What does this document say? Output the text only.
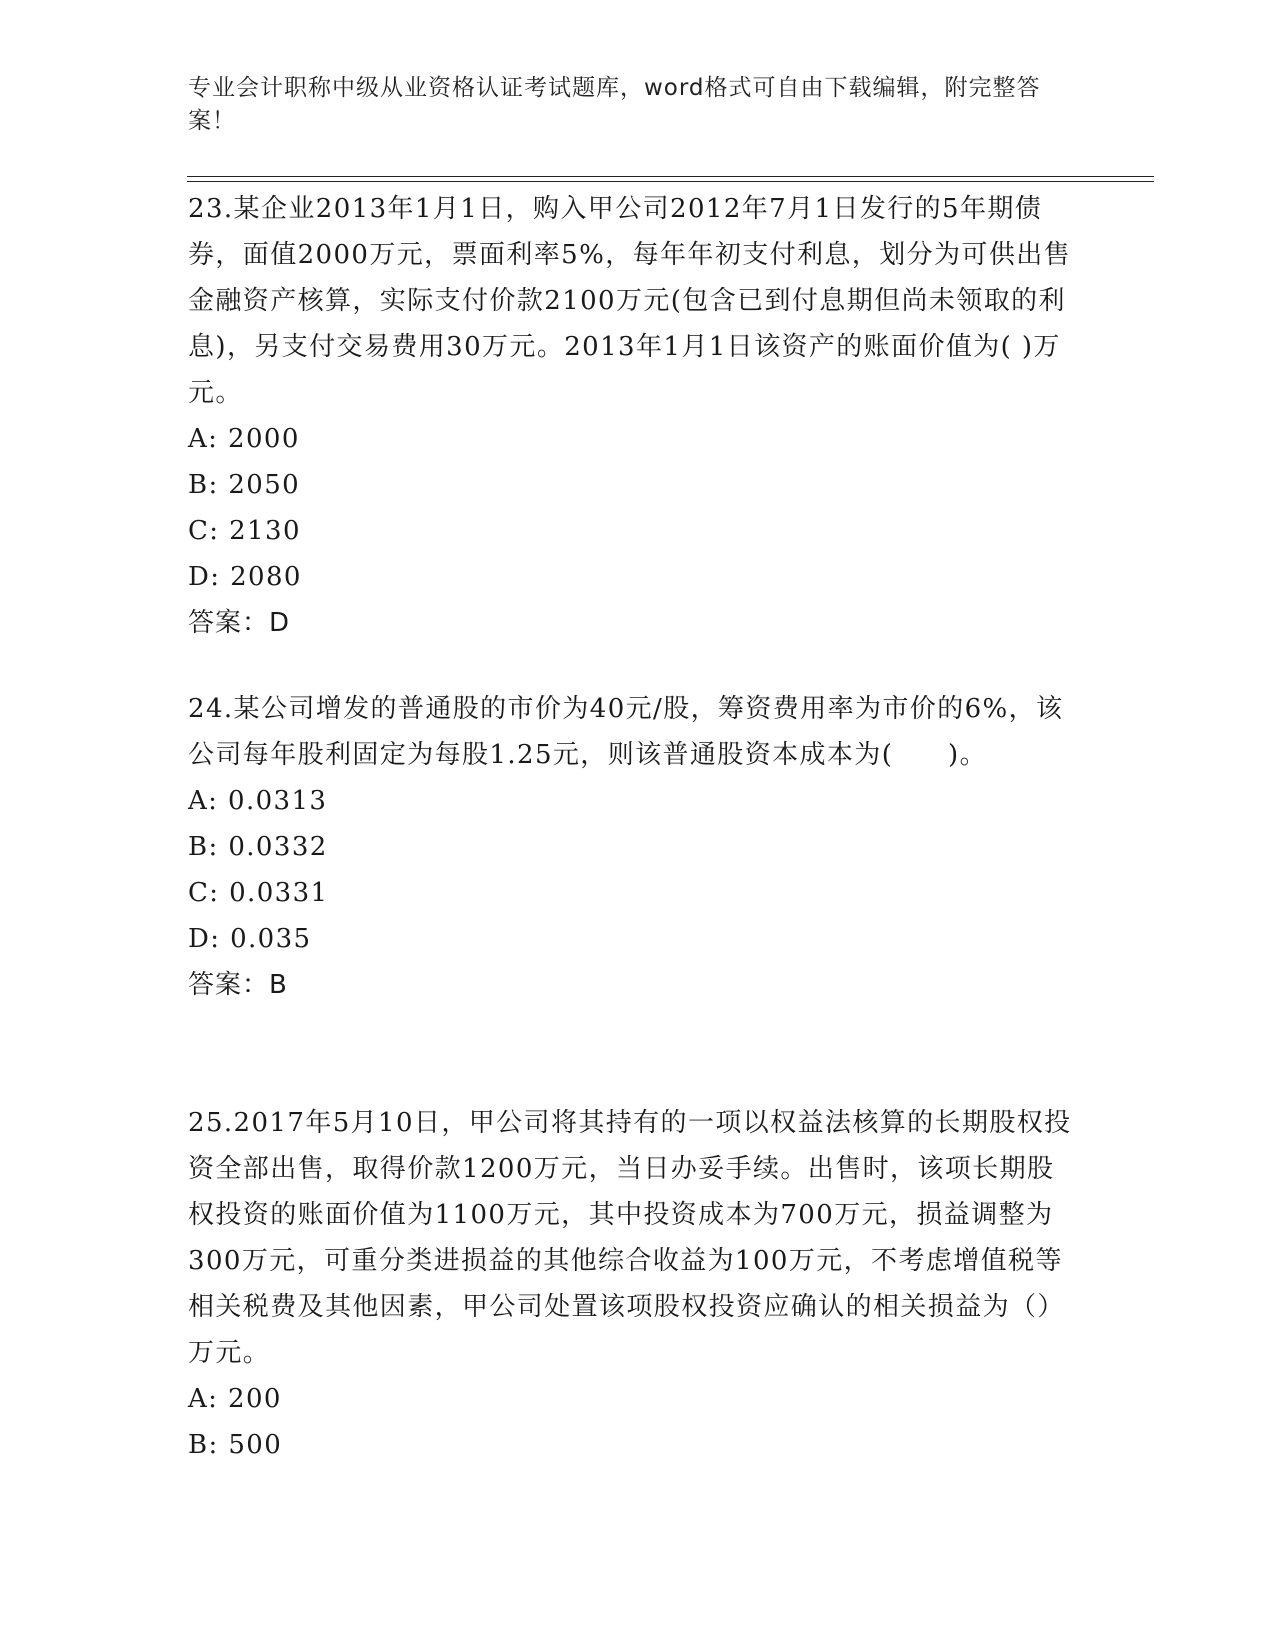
专业会计职称中级从业资格认证考试题库，word格式可自由下载编辑，附完整答案！
23.某企业2013年1月1日，购入甲公司2012年7月1日发行的5年期债券，面值2000万元，票面利率5%，每年年初支付利息，划分为可供出售金融资产核算，实际支付价款2100万元(包含已到付息期但尚未领取的利息)，另支付交易费用30万元。2013年1月1日该资产的账面价值为( )万元。
A: 2000
B: 2050
C: 2130
D: 2080
答案：D
24.某公司增发的普通股的市价为40元/股，筹资费用率为市价的6%，该公司每年股利固定为每股1.25元，则该普通股资本成本为(　　)。
A: 0.0313
B: 0.0332
C: 0.0331
D: 0.035
答案：B
25.2017年5月10日，甲公司将其持有的一项以权益法核算的长期股权投资全部出售，取得价款1200万元，当日办妥手续。出售时，该项长期股权投资的账面价值为1100万元，其中投资成本为700万元，损益调整为300万元，可重分类进损益的其他综合收益为100万元，不考虑增值税等相关税费及其他因素，甲公司处置该项股权投资应确认的相关损益为（）万元。
A: 200
B: 500
